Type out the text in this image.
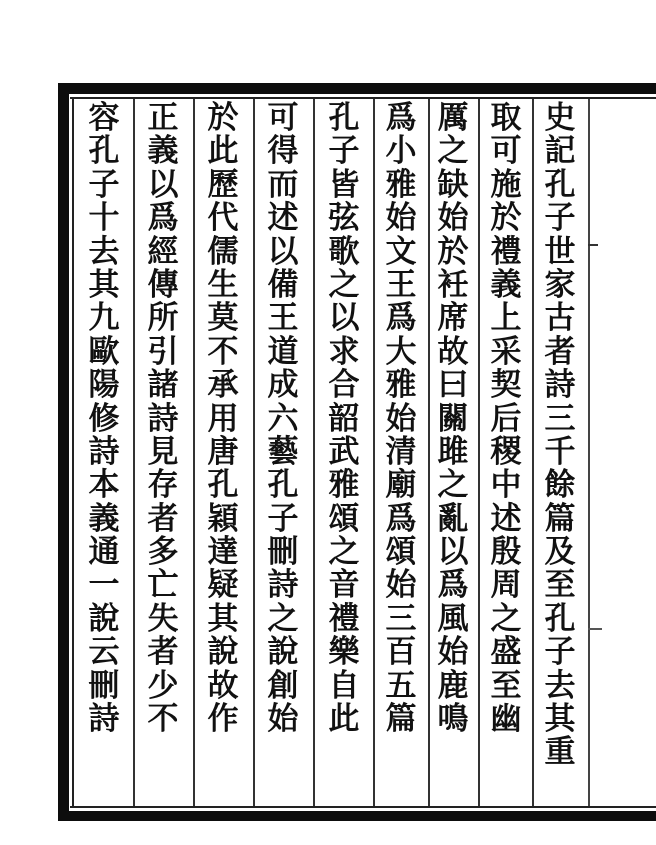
史
記
孔
子
世
家
古
者
詩
三
千
餘
篇
及
至
孔
子
去
其
重
取
可
施
於
禮
義
上
采
契
后
稷
中
述
殷
周
之
盛
至
幽
厲
之
缺
始
於
衽
席
故
曰
關
雎
之
亂
以
爲
風
始
鹿
鳴
爲
小
雅
始
文
王
爲
大
雅
始
清
廟
爲
頌
始
三
百
五
篇
孔
子
皆
弦
歌
之
以
求
合
韶
武
雅
頌
之
音
禮
樂
自
此
可
得
而
述
以
備
王
道
成
六
藝
孔
子
刪
詩
之
說
創
始
於
此
歷
代
儒
生
莫
不
承
用
唐
孔
穎
達
疑
其
說
故
作
正
義
以
爲
經
傳
所
引
諸
詩
見
存
者
多
亡
失
者
少
不
容
孔
子
十
去
其
九
歐
陽
修
詩
本
義
通
一
說
云
刪
詩
